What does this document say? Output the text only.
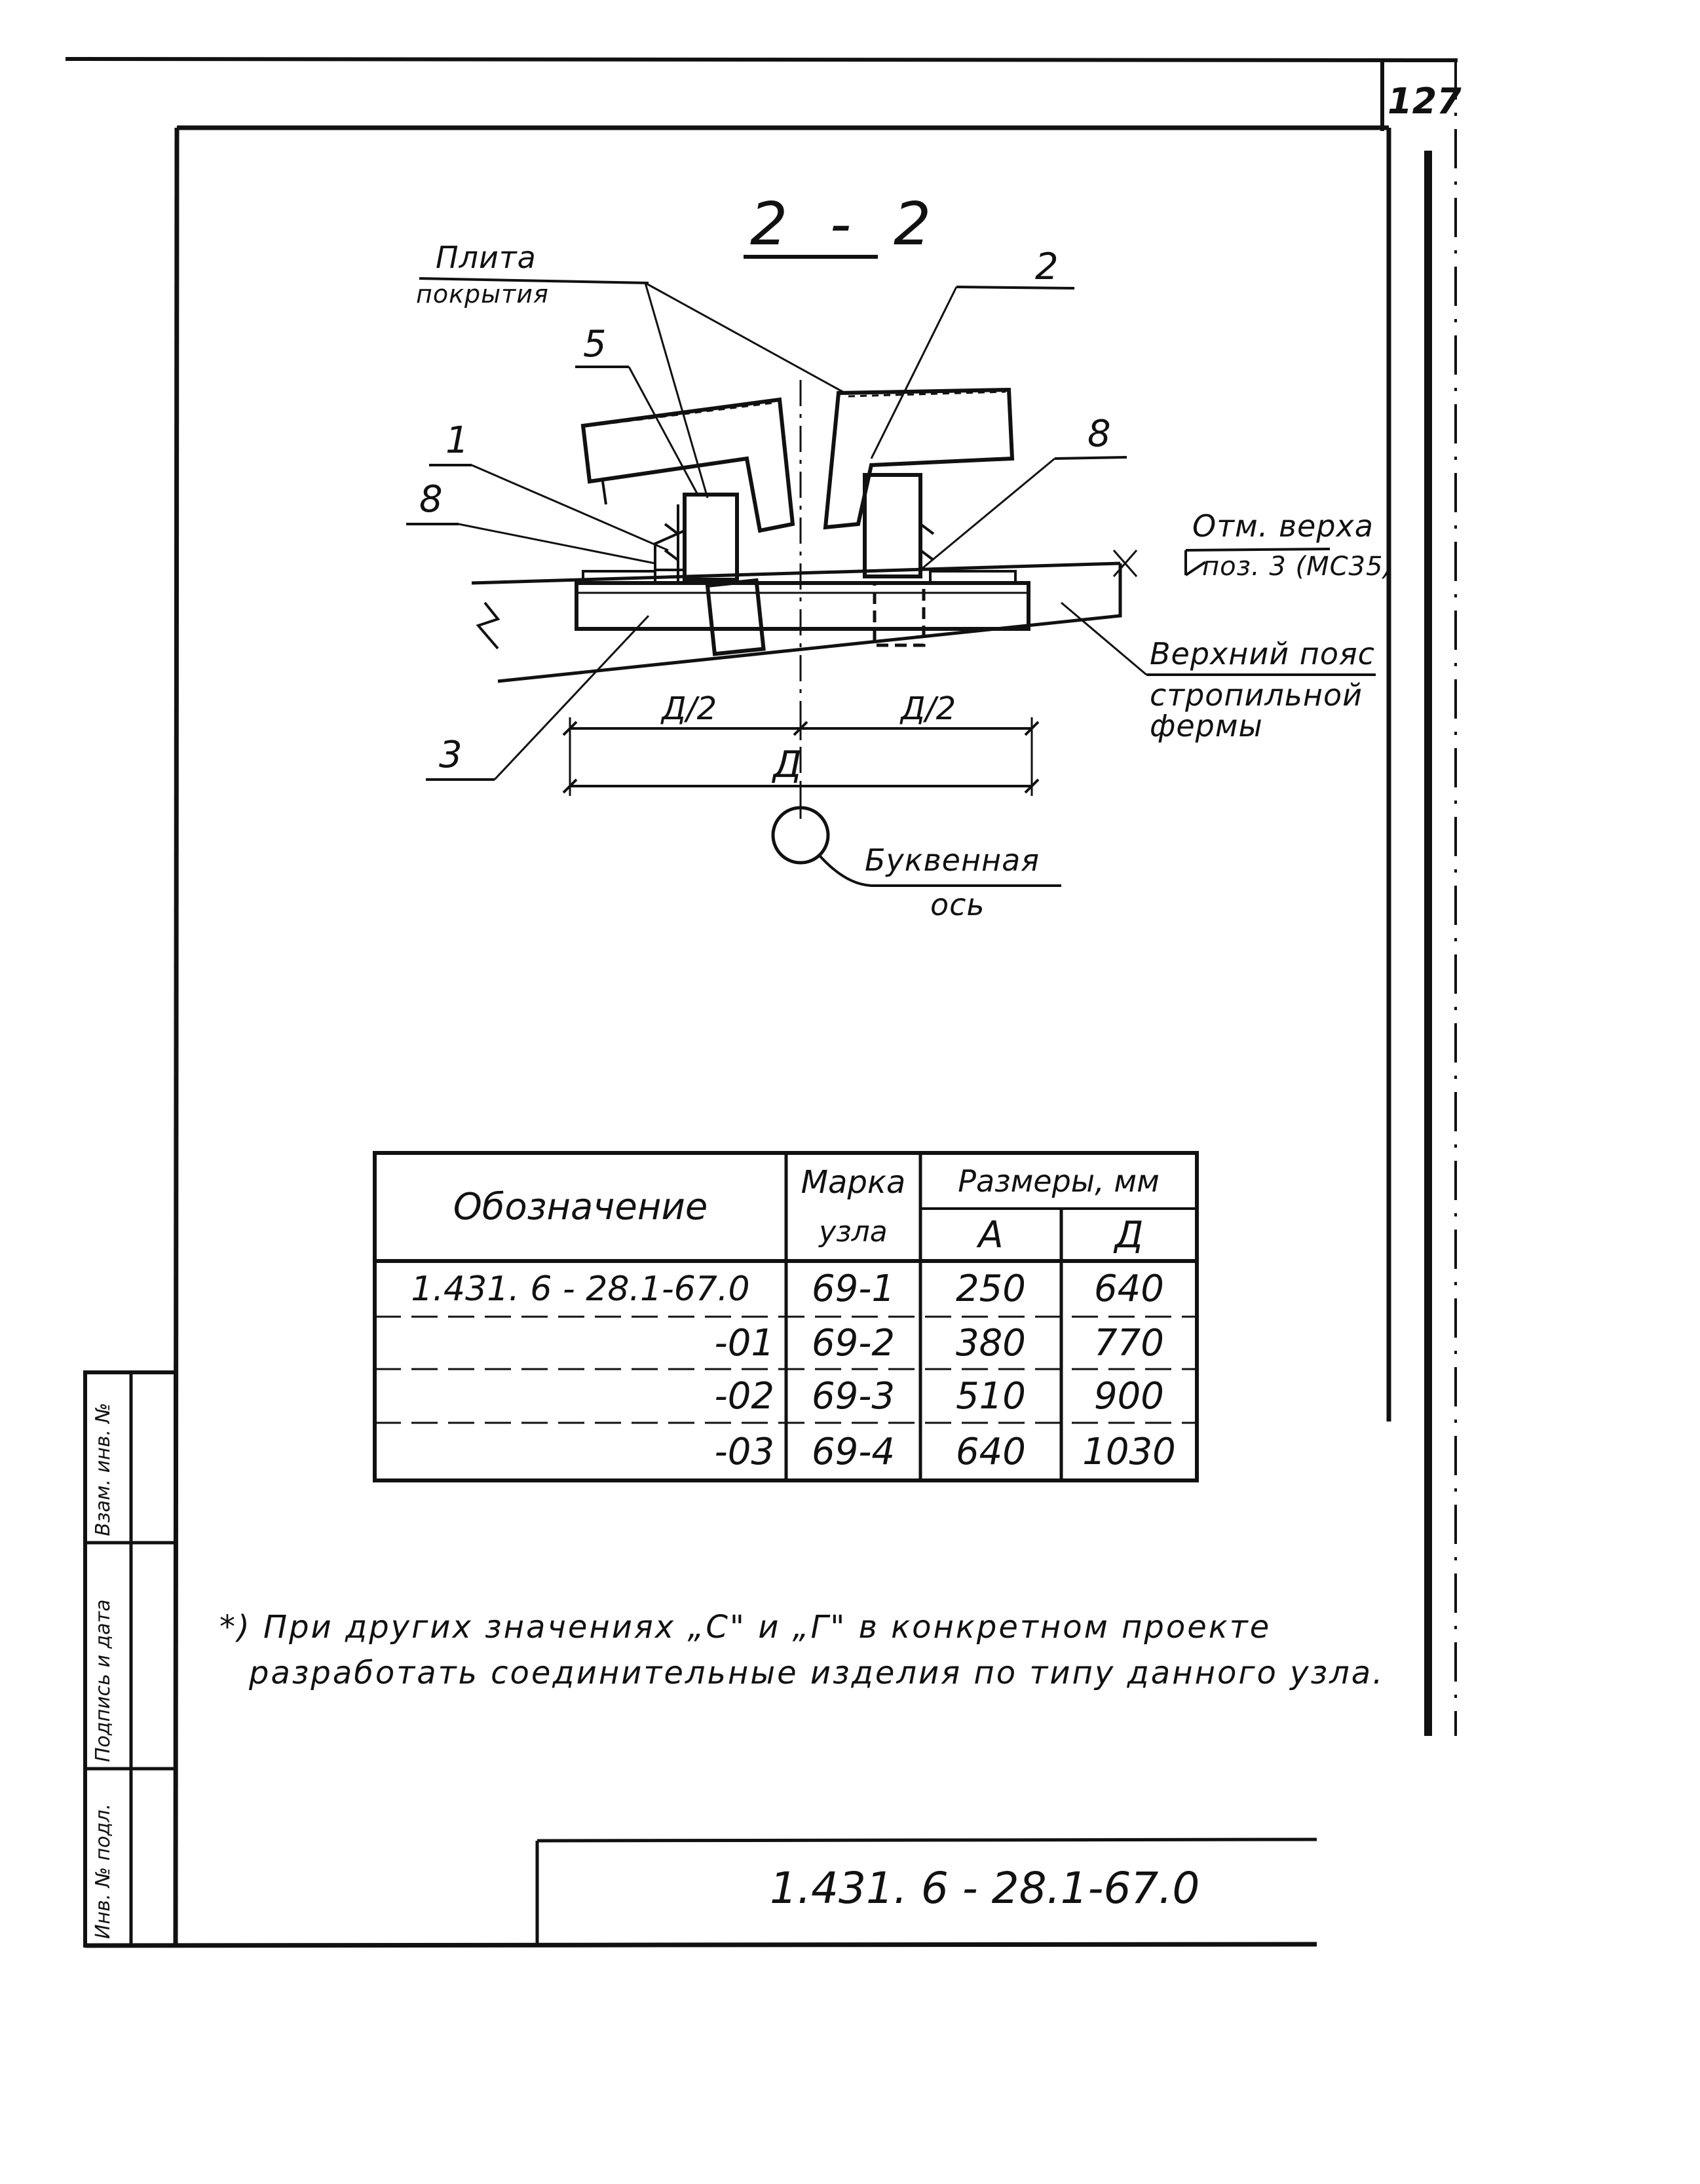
127
2 - 2
Плита
покрытия
2
5
1
8
8
3
Отм. верха
поз. 3 (МС35)
Верхний пояс
стропильной
фермы
Д/2	Д/2
Д
Буквенная
ось
Обозначение
Марка
узла
Размеры, мм
А	Д
1.431. 6 - 28.1-67.0	69-1	250	640
-01	69-2	380	770
-02	69-3	510	900
-03	69-4	640	1030
*) При других значениях „С" и „Г" в конкретном проекте
разработать соединительные изделия по типу данного узла.
Инв. № подл.
Подпись и дата
Взам. инв. №
1.431. 6 - 28.1-67.0
